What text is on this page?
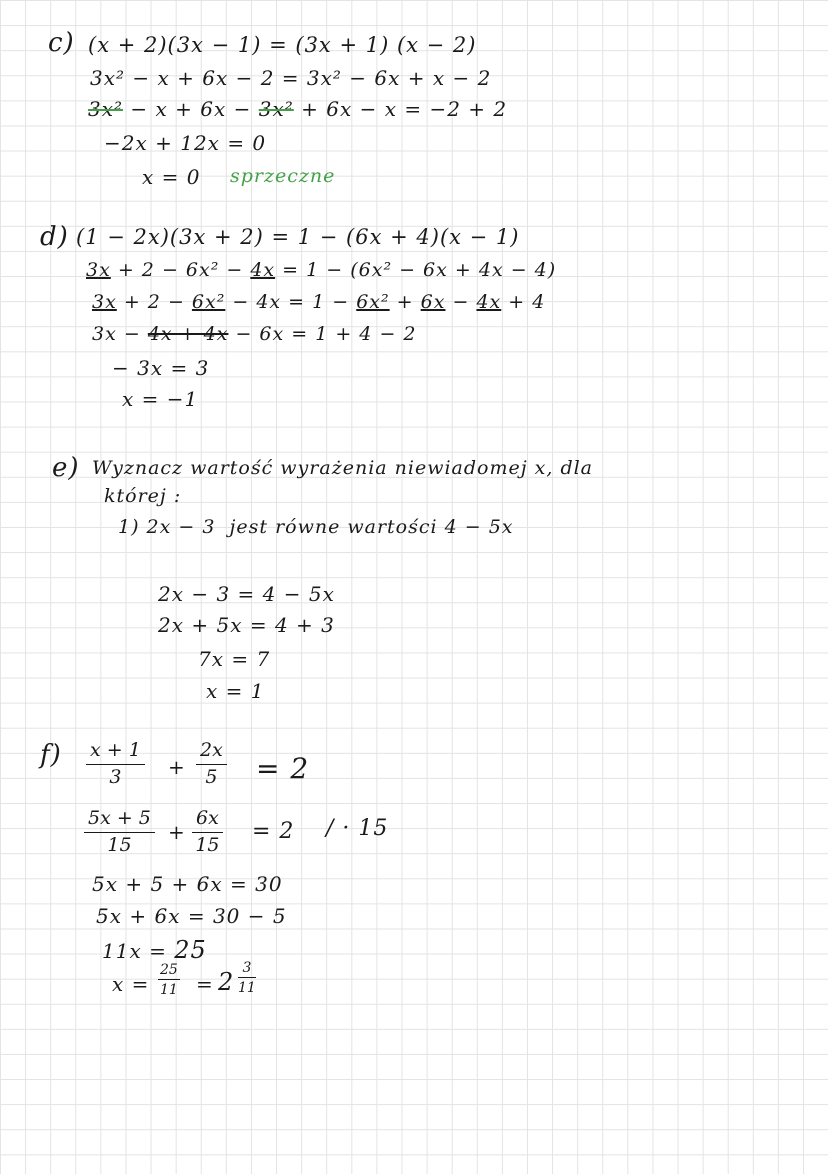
c) (x + 2)(3x − 1) = (3x + 1) (x − 2)
3x² − x + 6x − 2 = 3x² − 6x + x − 2
3x² − x + 6x − 3x² + 6x − x = −2 + 2
−2x + 12x = 0
x = 0 sprzeczne
d) (1 − 2x)(3x + 2) = 1 − (6x + 4)(x − 1)
3x + 2 − 6x² − 4x = 1 − (6x² − 6x + 4x − 4)
3x + 2 − 6x² − 4x = 1 − 6x² + 6x − 4x + 4
3x − 4x + 4x − 6x = 1 + 4 − 2
− 3x = 3
x = −1
e) Wyznacz wartość wyrażenia niewiadomej x, dla
której :
1) 2x − 3  jest równe wartości 4 − 5x
2x − 3 = 4 − 5x
2x + 5x = 4 + 3
7x = 7
x = 1
$f) \frac{x + 1}{3} + \frac{2x}{5} = 2$
$\frac{5x + 5}{15} + \frac{6x}{15} = 2$ / · 15
5x + 5 + 6x = 30
5x + 6x = 30 − 5
11x = 25
$x = \frac{25}{11} = 2 \frac{3}{11}$
